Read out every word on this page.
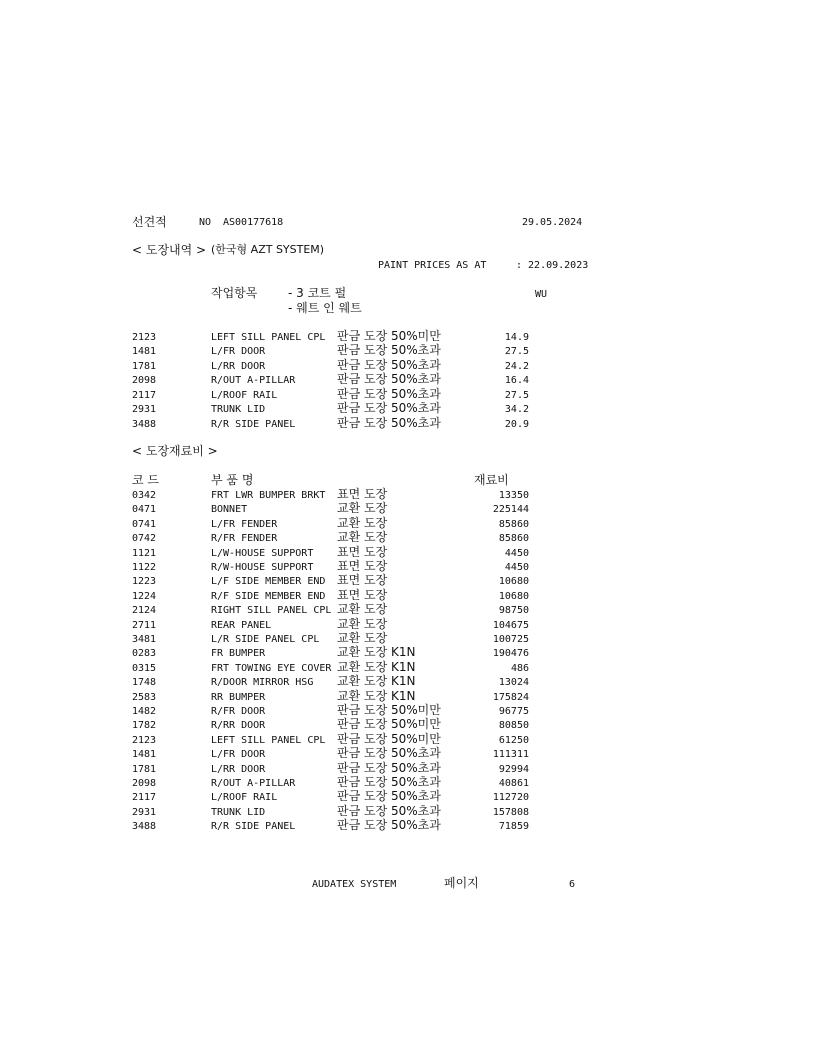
선견적	NO AS00177618	29.05.2024
< 도장내역 > (한국형 AZT SYSTEM)
PAINT PRICES AS AT	: 22.09.2023
작업항목	- 3 코트 펄
- 웨트 인 웨트
WU
2123	LEFT SILL PANEL CPL 판금 도장 50%미만	14.9
1481	L/FR DOOR	판금 도장 50%초과	27.5
1781	L/RR DOOR	판금 도장 50%초과	24.2
2098	R/OUT A-PILLAR	판금 도장 50%초과	16.4
2117	L/ROOF RAIL	판금 도장 50%초과	27.5
2931	TRUNK LID	판금 도장 50%초과	34.2
3488	R/R SIDE PANEL	판금 도장 50%초과	20.9
< 도장재료비 >
코 드	부 품 명	재료비
0342	FRT LWR BUMPER BRKT 표면 도장	13350
0471	BONNET	교환 도장	225144
0741	L/FR FENDER	교환 도장	85860
0742	R/FR FENDER	교환 도장	85860
1121	L/W-HOUSE SUPPORT 표면 도장	4450
1122	R/W-HOUSE SUPPORT 표면 도장	4450
1223	L/F SIDE MEMBER END 표면 도장	10680
1224	R/F SIDE MEMBER END 표면 도장	10680
2124	RIGHT SILL PANEL CPL 교환 도장	98750
2711	REAR PANEL	교환 도장	104675
3481	L/R SIDE PANEL CPL 교환 도장	100725
0283	FR BUMPER	교환 도장 K1N	190476
0315	FRT TOWING EYE COVER 교환 도장 K1N	486
1748	R/DOOR MIRROR HSG 교환 도장 K1N	13024
2583	RR BUMPER	교환 도장 K1N	175824
1482	R/FR DOOR	판금 도장 50%미만	96775
1782	R/RR DOOR	판금 도장 50%미만	80850
2123	LEFT SILL PANEL CPL 판금 도장 50%미만	61250
1481	L/FR DOOR	판금 도장 50%초과	111311
1781	L/RR DOOR	판금 도장 50%초과	92994
2098	R/OUT A-PILLAR	판금 도장 50%초과	40861
2117	L/ROOF RAIL	판금 도장 50%초과	112720
2931	TRUNK LID	판금 도장 50%초과	157808
3488	R/R SIDE PANEL	판금 도장 50%초과	71859
AUDATEX SYSTEM	페이지	6
